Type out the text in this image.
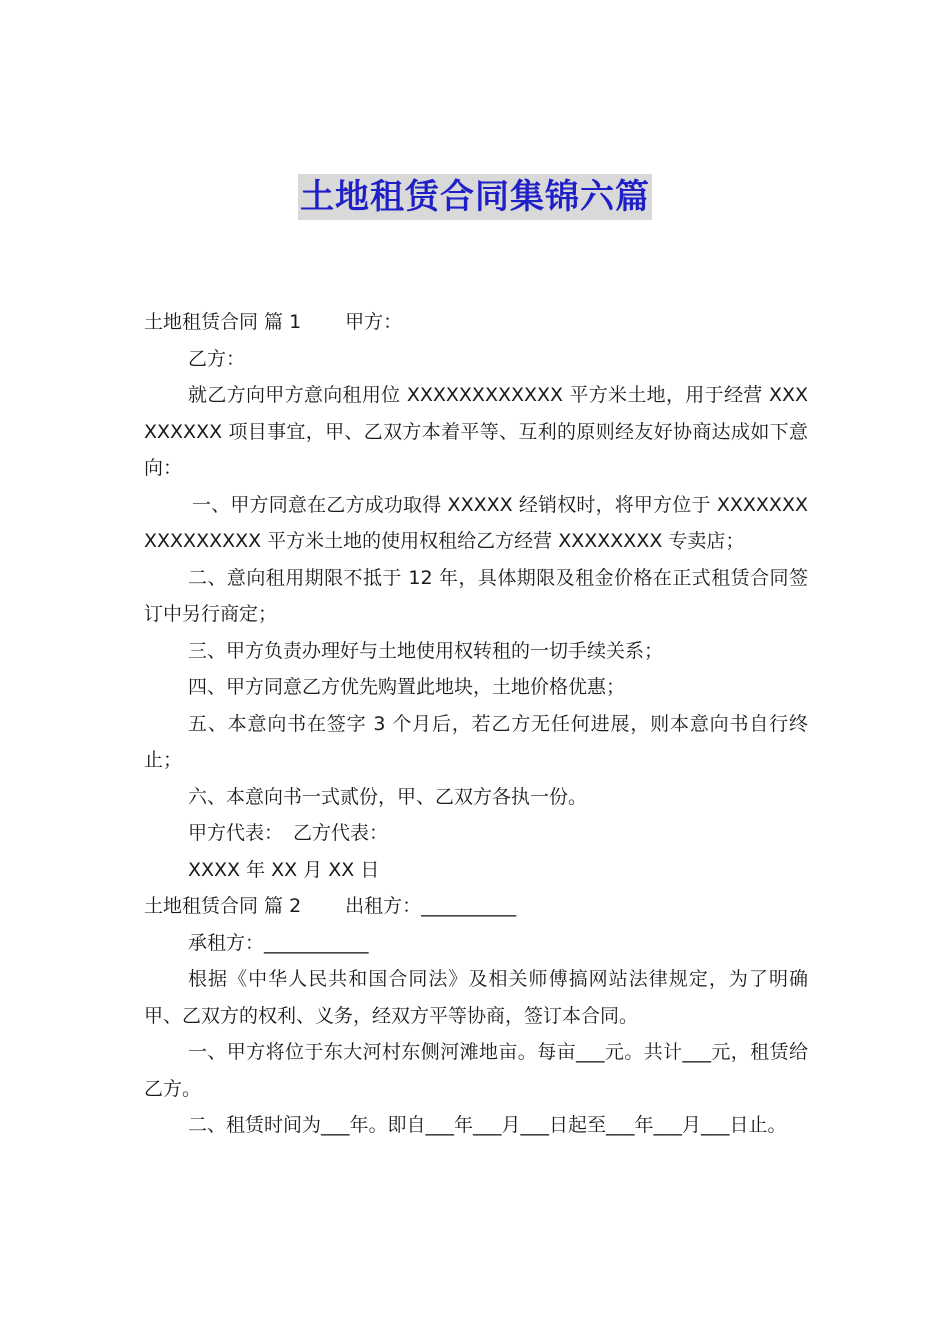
土地租赁合同集锦六篇

土地租赁合同 篇 1 甲方：

乙方：

就乙方向甲方意向租用位 XXXXXXXXXXXX 平方米土地，用于经营 XXXXXXXXX 项目事宜，甲、乙双方本着平等、互利的原则经友好协商达成如下意向：

一、甲方同意在乙方成功取得 XXXXX 经销权时，将甲方位于 XXXXXXXXXXXXXXXX 平方米土地的使用权租给乙方经营 XXXXXXXX 专卖店；

二、意向租用期限不抵于 12 年，具体期限及租金价格在正式租赁合同签订中另行商定；

三、甲方负责办理好与土地使用权转租的一切手续关系；

四、甲方同意乙方优先购置此地块，土地价格优惠；

五、本意向书在签字 3 个月后，若乙方无任何进展，则本意向书自行终止；

六、本意向书一式贰份，甲、乙双方各执一份。

甲方代表： 乙方代表：

XXXX 年 XX 月 XX 日

土地租赁合同 篇 2 出租方：__________

承租方：___________

根据《中华人民共和国合同法》及相关师傅搞网站法律规定，为了明确甲、乙双方的权利、义务，经双方平等协商，签订本合同。

一、甲方将位于东大河村东侧河滩地亩。每亩___元。共计___元，租赁给乙方。

二、租赁时间为___年。即自___年___月___日起至___年___月___日止。
